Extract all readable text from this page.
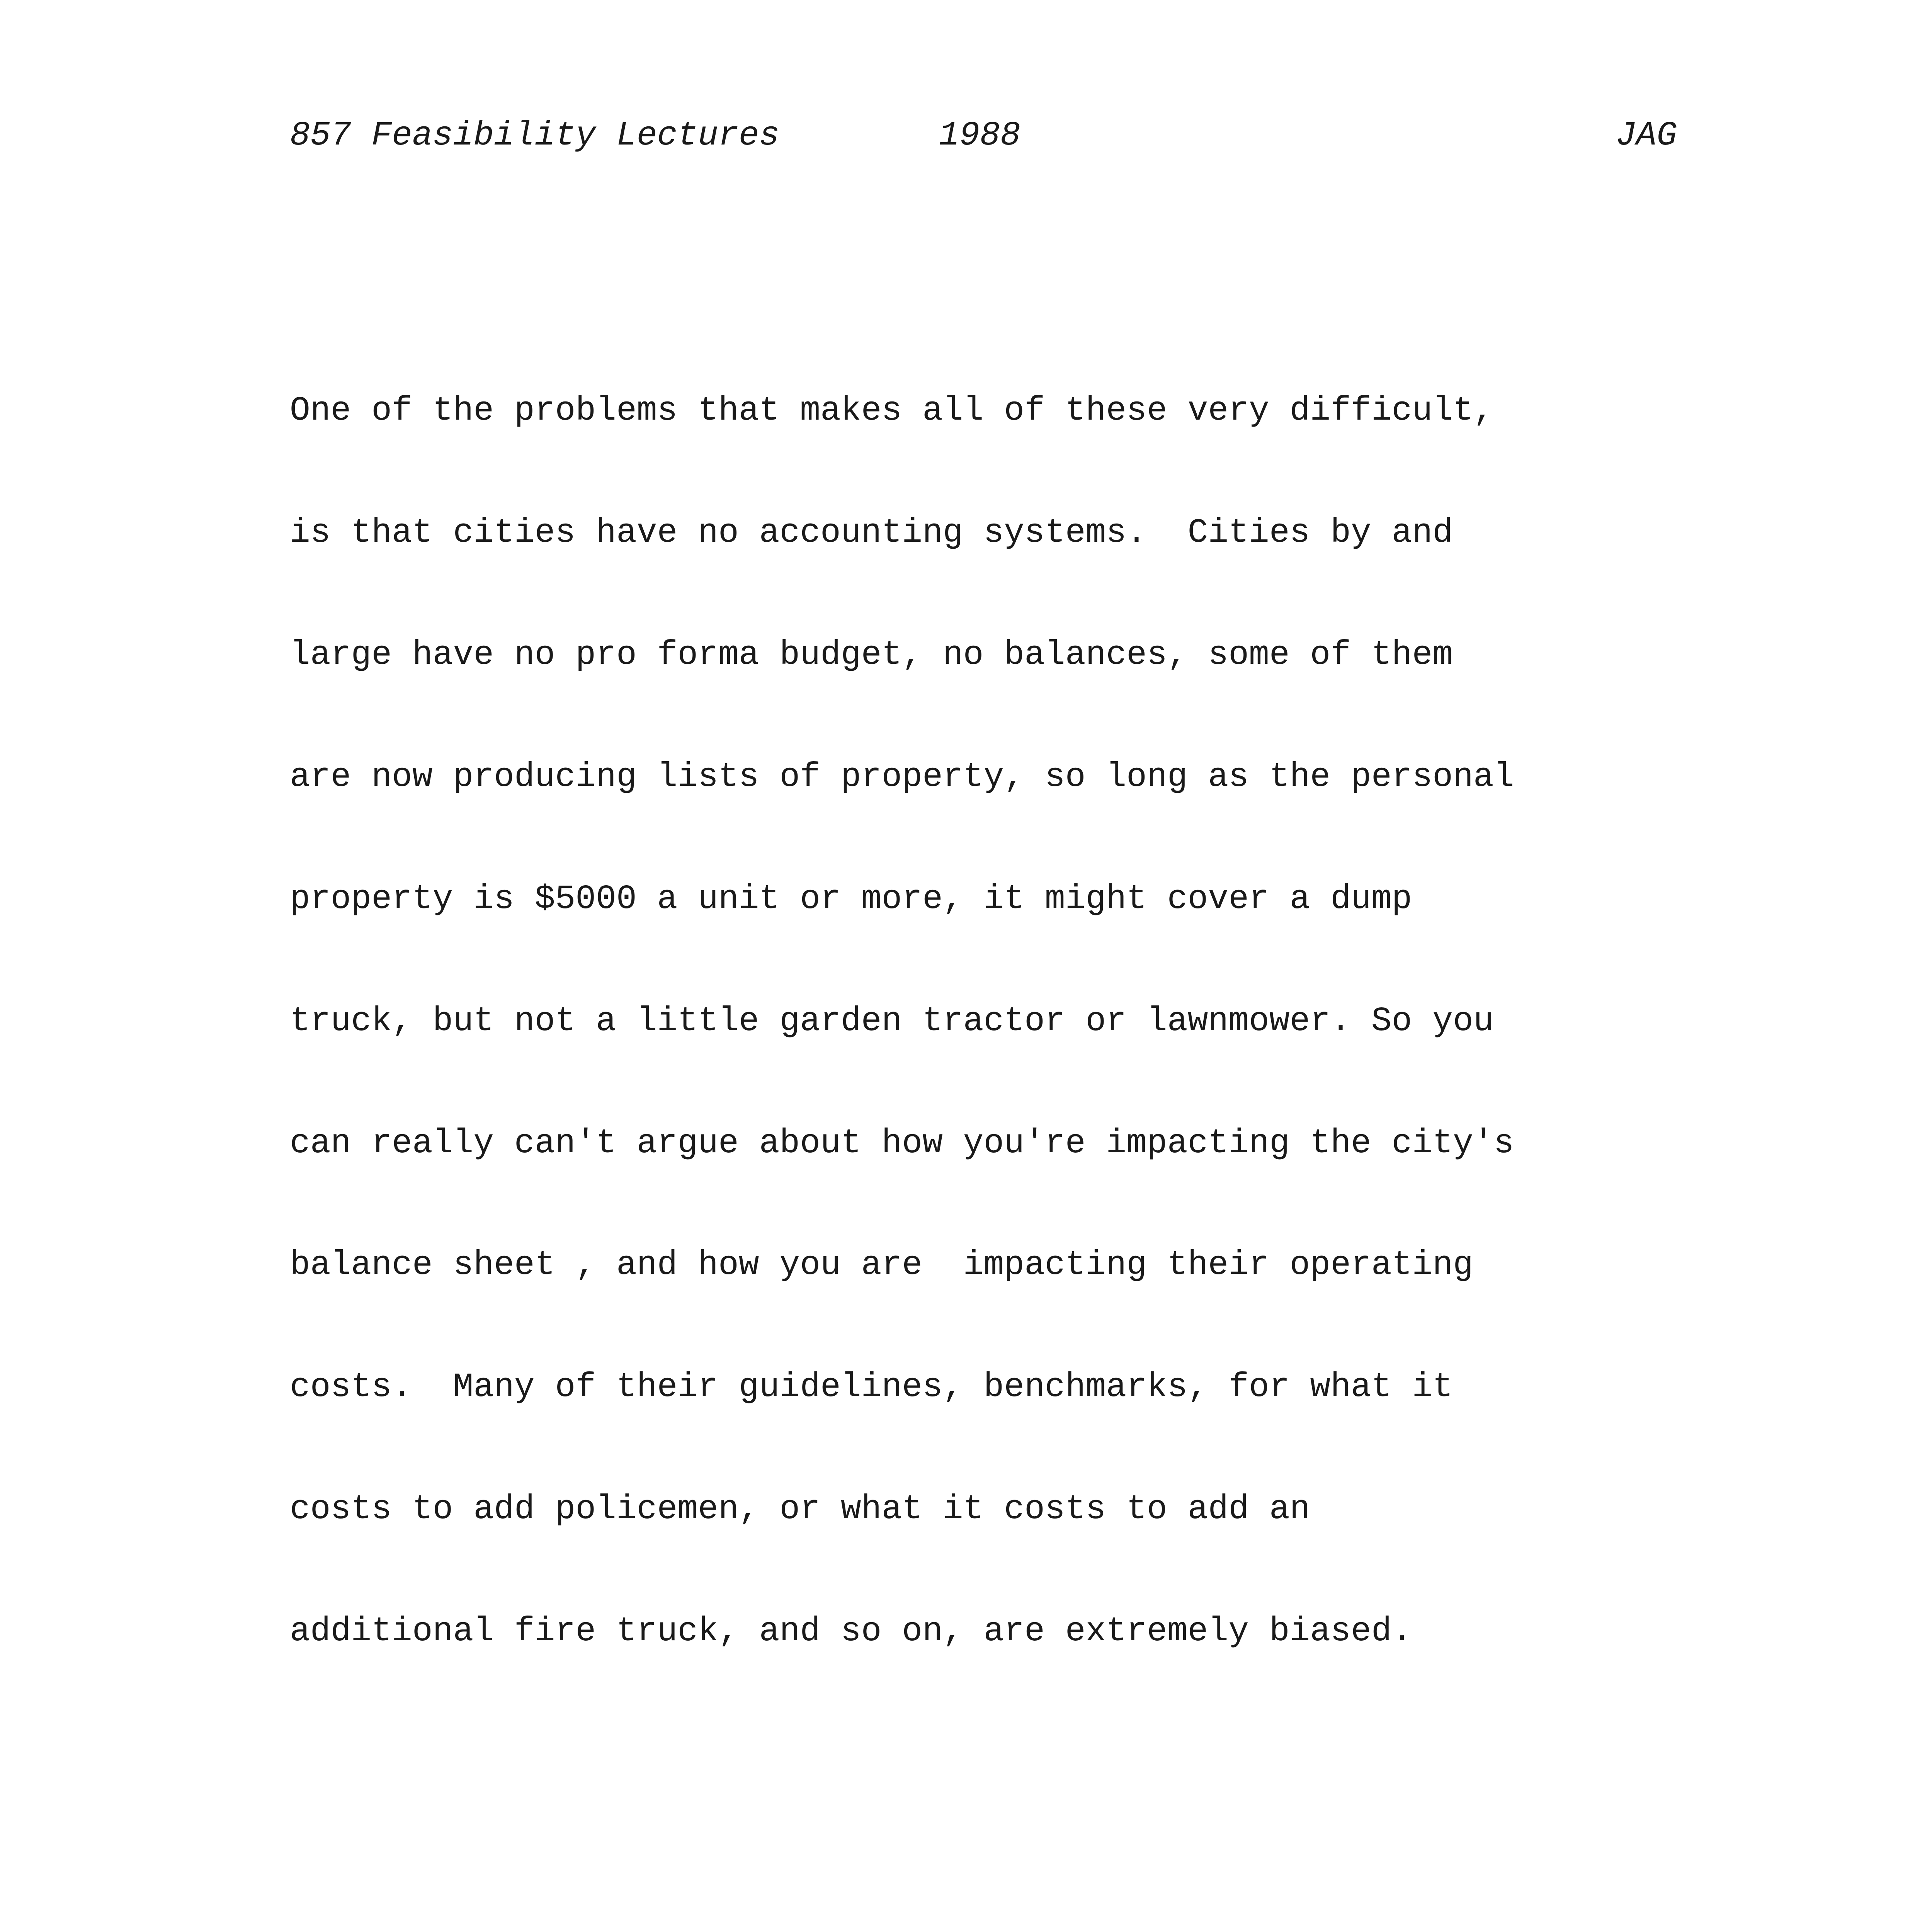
857 Feasibility Lectures

	1988

	JAG

One of the problems that makes all of these very difficult,

is that cities have no accounting systems.  Cities by and

large have no pro forma budget, no balances, some of them

are now producing lists of property, so long as the personal

property is $5000 a unit or more, it might cover a dump

truck, but not a little garden tractor or lawnmower. So you

can really can't argue about how you're impacting the city's

balance sheet , and how you are  impacting their operating

costs.  Many of their guidelines, benchmarks, for what it

costs to add policemen, or what it costs to add an

additional fire truck, and so on, are extremely biased.
